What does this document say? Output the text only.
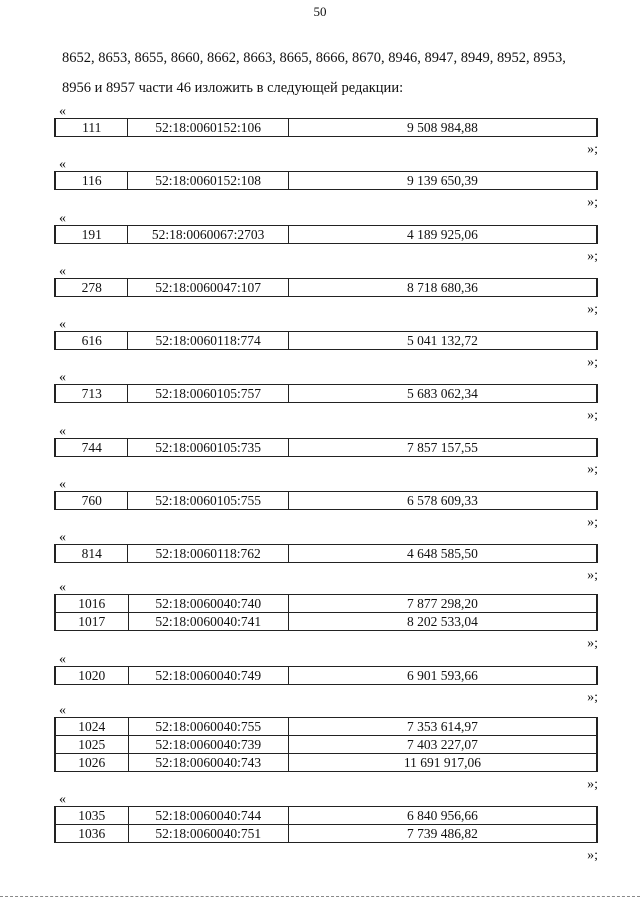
50
8652, 8653, 8655, 8660, 8662, 8663, 8665, 8666, 8670, 8946, 8947, 8949, 8952, 8953,
8956 и 8957 части 46 изложить в следующей редакции:
«
111	52:18:0060152:106	9 508 984,88
»;
«
116	52:18:0060152:108	9 139 650,39
»;
«
191	52:18:0060067:2703	4 189 925,06
»;
«
278	52:18:0060047:107	8 718 680,36
»;
«
616	52:18:0060118:774	5 041 132,72
»;
«
713	52:18:0060105:757	5 683 062,34
»;
«
744	52:18:0060105:735	7 857 157,55
»;
«
760	52:18:0060105:755	6 578 609,33
»;
«
814	52:18:0060118:762	4 648 585,50
»;
«
1016	52:18:0060040:740	7 877 298,20
1017	52:18:0060040:741	8 202 533,04
»;
«
1020	52:18:0060040:749	6 901 593,66
»;
«
1024	52:18:0060040:755	7 353 614,97
1025	52:18:0060040:739	7 403 227,07
1026	52:18:0060040:743	11 691 917,06
»;
«
1035	52:18:0060040:744	6 840 956,66
1036	52:18:0060040:751	7 739 486,82
»;
